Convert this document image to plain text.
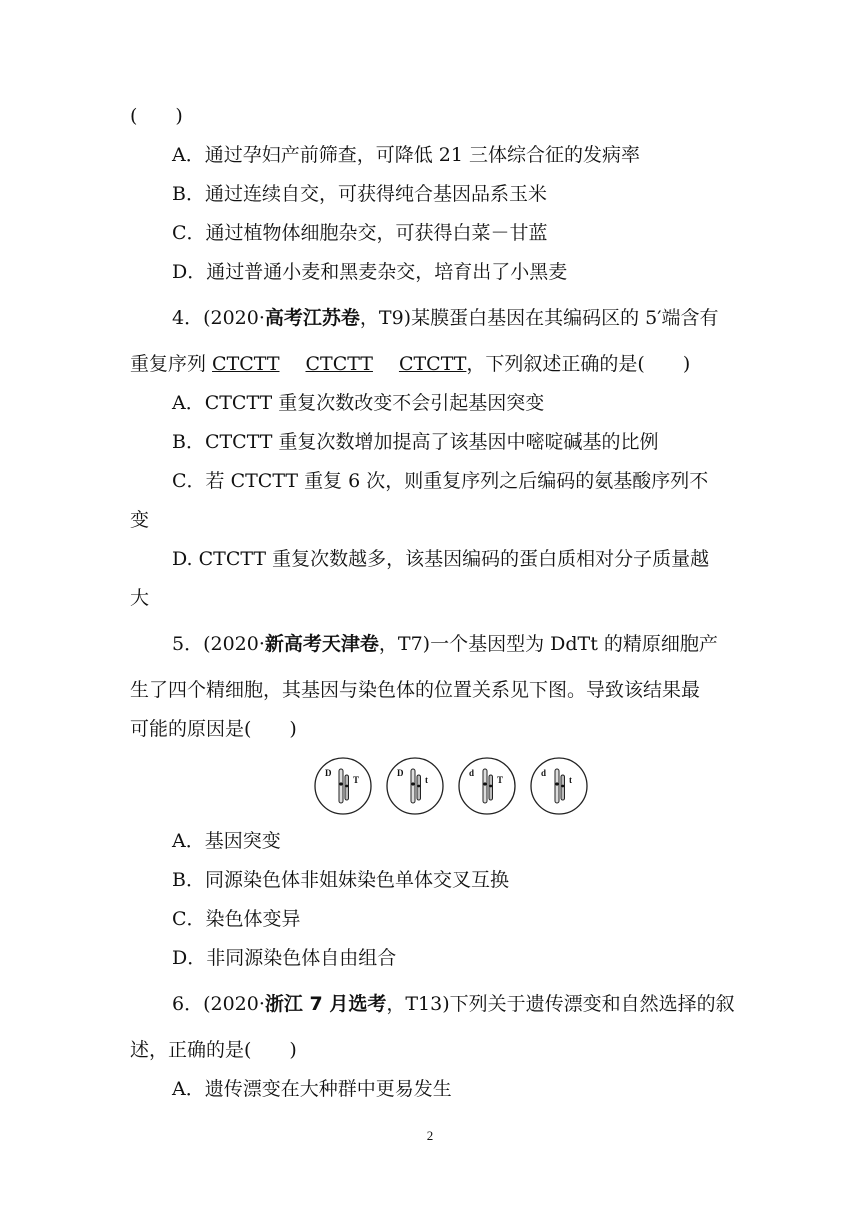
(　　)
A．通过孕妇产前筛查，可降低 21 三体综合征的发病率
B．通过连续自交，可获得纯合基因品系玉米
C．通过植物体细胞杂交，可获得白菜－甘蓝
D．通过普通小麦和黑麦杂交，培育出了小黑麦
4．(2020·高考江苏卷，T9)某膜蛋白基因在其编码区的 5′端含有
重复序列 CTCTT CTCTT CTCTT，下列叙述正确的是(　　)
A．CTCTT 重复次数改变不会引起基因突变
B．CTCTT 重复次数增加提高了该基因中嘧啶碱基的比例
C．若 CTCTT 重复 6 次，则重复序列之后编码的氨基酸序列不
变
D. CTCTT 重复次数越多，该基因编码的蛋白质相对分子质量越
大
5．(2020·新高考天津卷，T7)一个基因型为 DdTt 的精原细胞产
生了四个精细胞，其基因与染色体的位置关系见下图。导致该结果最
可能的原因是(　　)
D
T
D
t
d
T
d
t
A．基因突变
B．同源染色体非姐妹染色单体交叉互换
C．染色体变异
D．非同源染色体自由组合
6．(2020·浙江 7 月选考，T13)下列关于遗传漂变和自然选择的叙
述，正确的是(　　)
A．遗传漂变在大种群中更易发生
2
